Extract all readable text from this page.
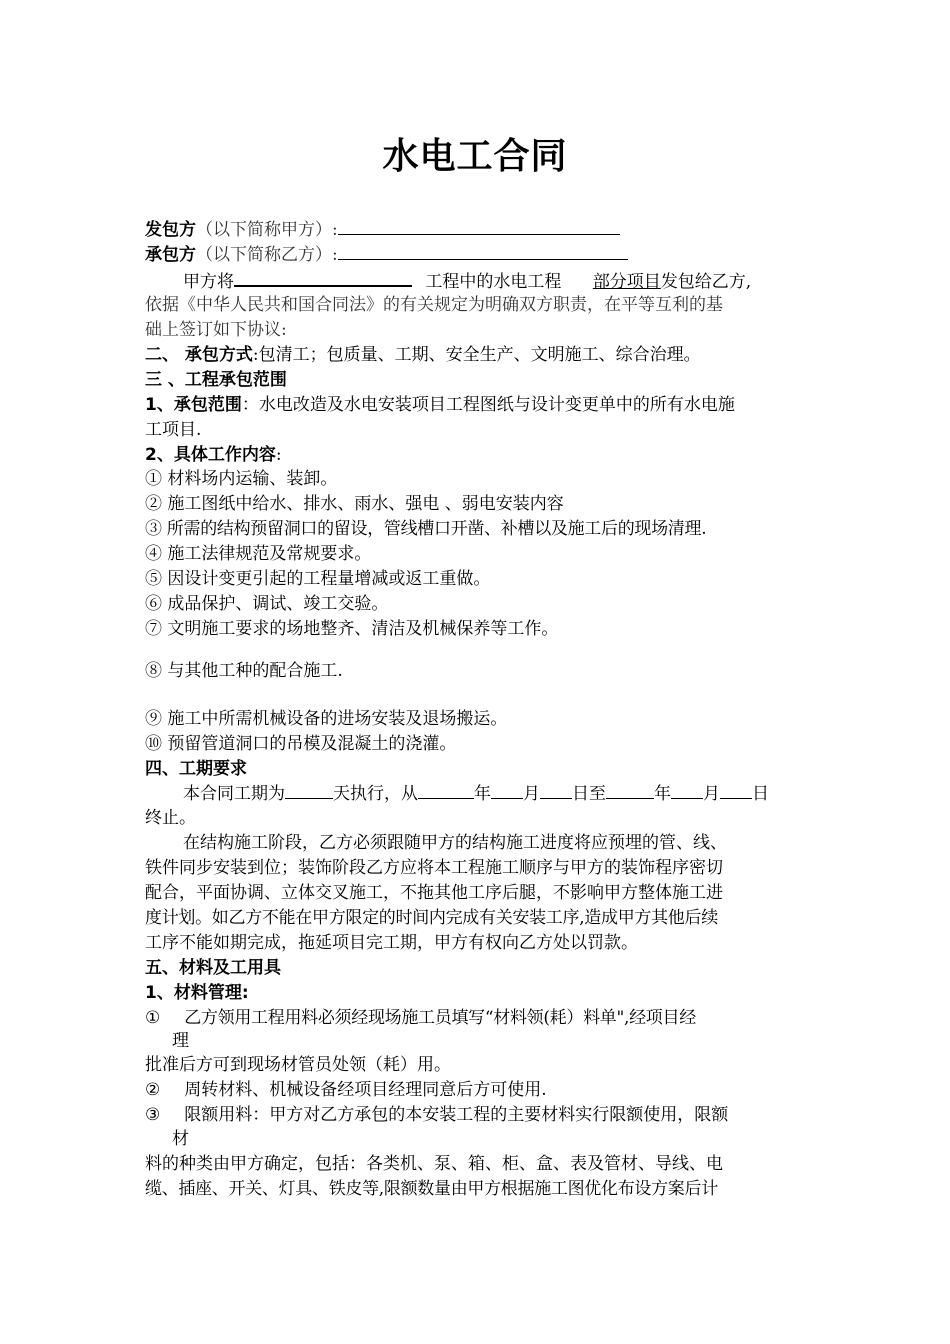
水电工合同
发包方（以下简称甲方）:
承包方（以下简称乙方）:
甲方将	工程中的水电工程 部分项目发包给乙方,
依据《中华人民共和国合同法》的有关规定为明确双方职责，在平等互利的基
础上签订如下协议:
二、 承包方式:包清工；包质量、工期、安全生产、文明施工、综合治理。
三 、工程承包范围
1、承包范围：水电改造及水电安装项目工程图纸与设计变更单中的所有水电施
工项目.
2、具体工作内容:
① 材料场内运输、装卸。
② 施工图纸中给水、排水、雨水、强电 、弱电安装内容
③ 所需的结构预留洞口的留设，管线槽口开凿、补槽以及施工后的现场清理.
④ 施工法律规范及常规要求。
⑤ 因设计变更引起的工程量增减或返工重做。
⑥ 成品保护、调试、竣工交验。
⑦ 文明施工要求的场地整齐、清洁及机械保养等工作。
⑧ 与其他工种的配合施工.
⑨ 施工中所需机械设备的进场安装及退场搬运。
⑩ 预留管道洞口的吊模及混凝土的浇灌。
四、工期要求
本合同工期为	天执行，从	年 月 日至	年 月 日
终止。
在结构施工阶段，乙方必须跟随甲方的结构施工进度将应预埋的管、线、
铁件同步安装到位；装饰阶段乙方应将本工程施工顺序与甲方的装饰程序密切
配合，平面协调、立体交叉施工，不拖其他工序后腿，不影响甲方整体施工进
度计划。如乙方不能在甲方限定的时间内完成有关安装工序,造成甲方其他后续
工序不能如期完成，拖延项目完工期，甲方有权向乙方处以罚款。
五、材料及工用具
1、材料管理:
① 乙方领用工程用料必须经现场施工员填写“材料领(耗）料单",经项目经
理
批准后方可到现场材管员处领（耗）用。
② 周转材料、机械设备经项目经理同意后方可使用.
③ 限额用料：甲方对乙方承包的本安装工程的主要材料实行限额使用，限额
材
料的种类由甲方确定，包括：各类机、泵、箱、柜、盒、表及管材、导线、电
缆、插座、开关、灯具、铁皮等,限额数量由甲方根据施工图优化布设方案后计
